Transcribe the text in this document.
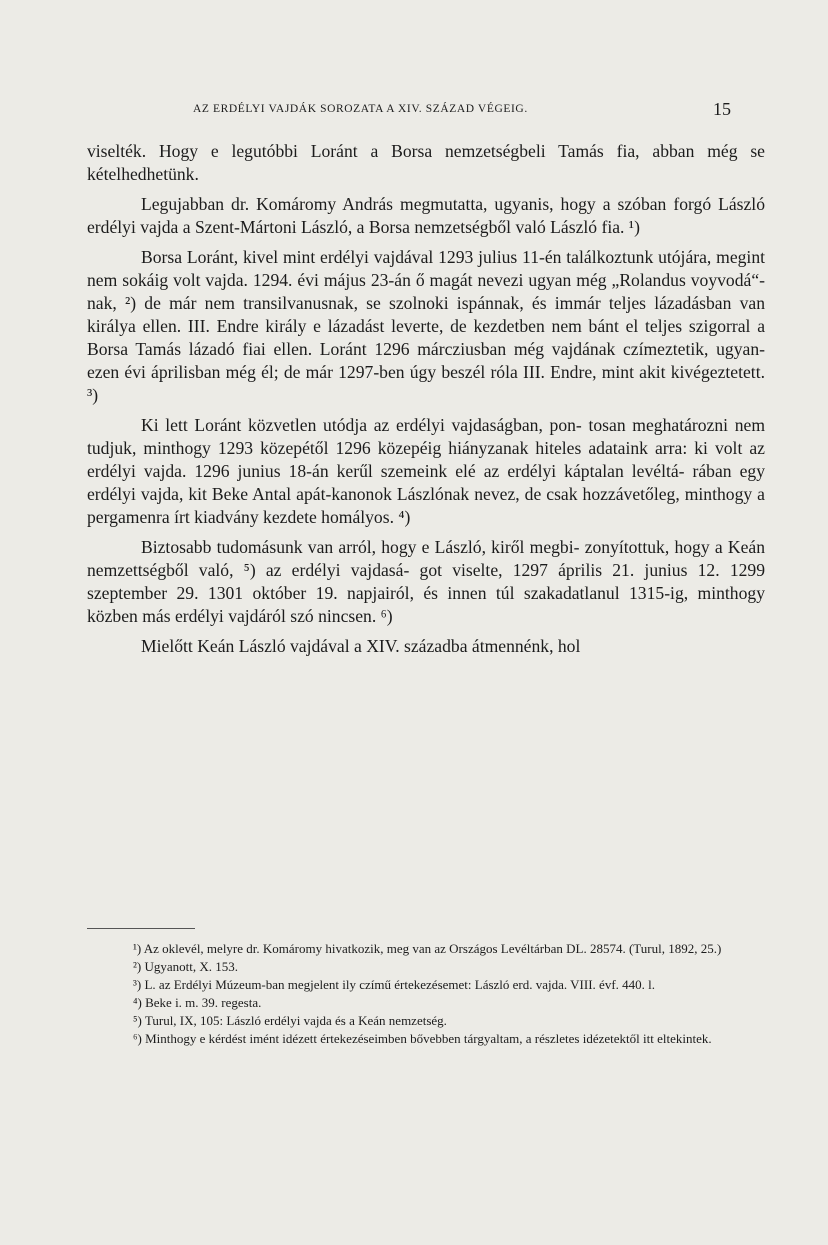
AZ ERDÉLYI VAJDÁK SOROZATA A XIV. SZÁZAD VÉGEIG.	15

viselték. Hogy e legutóbbi Loránt a Borsa nemzetségbeli Tamás fia, abban még se kételhedhetünk.

Legujabban dr. Komáromy András megmutatta, ugyanis, hogy a szóban forgó László erdélyi vajda a Szent-Mártoni László, a Borsa nemzetségből való László fia. ¹)

Borsa Loránt, kivel mint erdélyi vajdával 1293 julius 11-én találkoztunk utójára, megint nem sokáig volt vajda. 1294. évi május 23-án ő magát nevezi ugyan még „Rolandus voyvodá“-nak, ²) de már nem transilvanusnak, se szolnoki ispánnak, és immár teljes lázadásban van királya ellen. III. Endre király e lázadást leverte, de kezdetben nem bánt el teljes szigorral a Borsa Tamás lázadó fiai ellen. Loránt 1296 márcziusban még vajdának czímeztetik, ugyan- ezen évi áprilisban még él; de már 1297-ben úgy beszél róla III. Endre, mint akit kivégeztetett. ³)

Ki lett Loránt közvetlen utódja az erdélyi vajdaságban, pon- tosan meghatározni nem tudjuk, minthogy 1293 közepétől 1296 közepéig hiányzanak hiteles adataink arra: ki volt az erdélyi vajda. 1296 junius 18-án kerűl szemeink elé az erdélyi káptalan levéltá- rában egy erdélyi vajda, kit Beke Antal apát-kanonok Lászlónak nevez, de csak hozzávetőleg, minthogy a pergamenra írt kiadvány kezdete homályos. ⁴)

Biztosabb tudomásunk van arról, hogy e László, kiről megbi- zonyítottuk, hogy a Keán nemzettségből való, ⁵) az erdélyi vajdasá- got viselte, 1297 április 21. junius 12. 1299 szeptember 29. 1301 október 19. napjairól, és innen túl szakadatlanul 1315-ig, minthogy közben más erdélyi vajdáról szó nincsen. ⁶)

Mielőtt Keán László vajdával a XIV. századba átmennénk, hol

¹) Az oklevél, melyre dr. Komáromy hivatkozik, meg van az Országos Levéltárban DL. 28574. (Turul, 1892, 25.)

²) Ugyanott, X. 153.

³) L. az Erdélyi Múzeum-ban megjelent ily czímű értekezésemet: László erd. vajda. VIII. évf. 440. l.

⁴) Beke i. m. 39. regesta.

⁵) Turul, IX, 105: László erdélyi vajda és a Keán nemzetség.

⁶) Minthogy e kérdést imént idézett értekezéseimben bővebben tárgyaltam, a részletes idézetektől itt eltekintek.
